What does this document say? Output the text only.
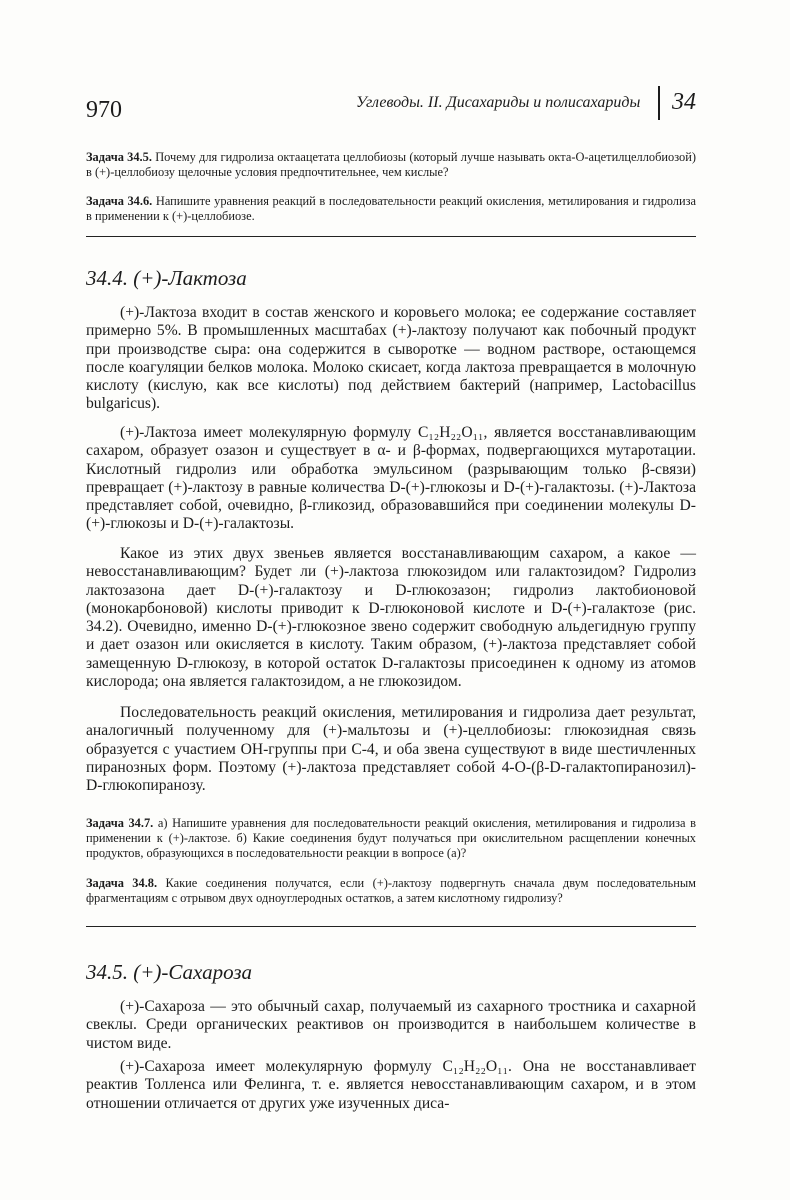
970	Углеводы. II. Дисахариды и полисахариды 34
Задача 34.5. Почему для гидролиза октаацетата целлобиозы (который лучше называть окта-О-ацетилцеллобиозой) в (+)-целлобиозу щелочные условия предпочтительнее, чем кислые?
Задача 34.6. Напишите уравнения реакций в последовательности реакций окисления, метилирования и гидролиза в применении к (+)-целлобиозе.
34.4. (+)-Лактоза

(+)-Лактоза входит в состав женского и коровьего молока; ее содержание составляет примерно 5%. В промышленных масштабах (+)-лактозу получают как побочный продукт при производстве сыра: она содержится в сыворотке — водном растворе, остающемся после коагуляции белков молока. Молоко скисает, когда лактоза превращается в молочную кислоту (кислую, как все кислоты) под действием бактерий (например, Lactobacillus bulgaricus).

(+)-Лактоза имеет молекулярную формулу C₁₂H₂₂O₁₁, является восстанавливающим сахаром, образует озазон и существует в α- и β-формах, подвергающихся мутаротации. Кислотный гидролиз или обработка эмульсином (разрывающим только β-связи) превращает (+)-лактозу в равные количества D-(+)-глюкозы и D-(+)-галактозы. (+)-Лактоза представляет собой, очевидно, β-гликозид, образовавшийся при соединении молекулы D-(+)-глюкозы и D-(+)-галактозы.

Какое из этих двух звеньев является восстанавливающим сахаром, а какое — невосстанавливающим? Будет ли (+)-лактоза глюкозидом или галактозидом? Гидролиз лактозазона дает D-(+)-галактозу и D-глюкозазон; гидролиз лактобионовой (монокарбоновой) кислоты приводит к D-глюконовой кислоте и D-(+)-галактозе (рис. 34.2). Очевидно, именно D-(+)-глюкозное звено содержит свободную альдегидную группу и дает озазон или окисляется в кислоту. Таким образом, (+)-лактоза представляет собой замещенную D-глюкозу, в которой остаток D-галактозы присоединен к одному из атомов кислорода; она является галактозидом, а не глюкозидом.

Последовательность реакций окисления, метилирования и гидролиза дает результат, аналогичный полученному для (+)-мальтозы и (+)-целлобиозы: глюкозидная связь образуется с участием OH-группы при C-4, и оба звена существуют в виде шестичленных пиранозных форм. Поэтому (+)-лактоза представляет собой 4-O-(β-D-галактопиранозил)-D-глюкопиранозу.

Задача 34.7. а) Напишите уравнения для последовательности реакций окисления, метилирования и гидролиза в применении к (+)-лактозе. б) Какие соединения будут получаться при окислительном расщеплении конечных продуктов, образующихся в последовательности реакции в вопросе (а)?
Задача 34.8. Какие соединения получатся, если (+)-лактозу подвергнуть сначала двум последовательным фрагментациям с отрывом двух одноуглеродных остатков, а затем кислотному гидролизу?
34.5. (+)-Сахароза

(+)-Сахароза — это обычный сахар, получаемый из сахарного тростника и сахарной свеклы. Среди органических реактивов он производится в наибольшем количестве в чистом виде.

(+)-Сахароза имеет молекулярную формулу C₁₂H₂₂O₁₁. Она не восстанавливает реактив Толленса или Фелинга, т. е. является невосстанавливающим сахаром, и в этом отношении отличается от других уже изученных диса-
